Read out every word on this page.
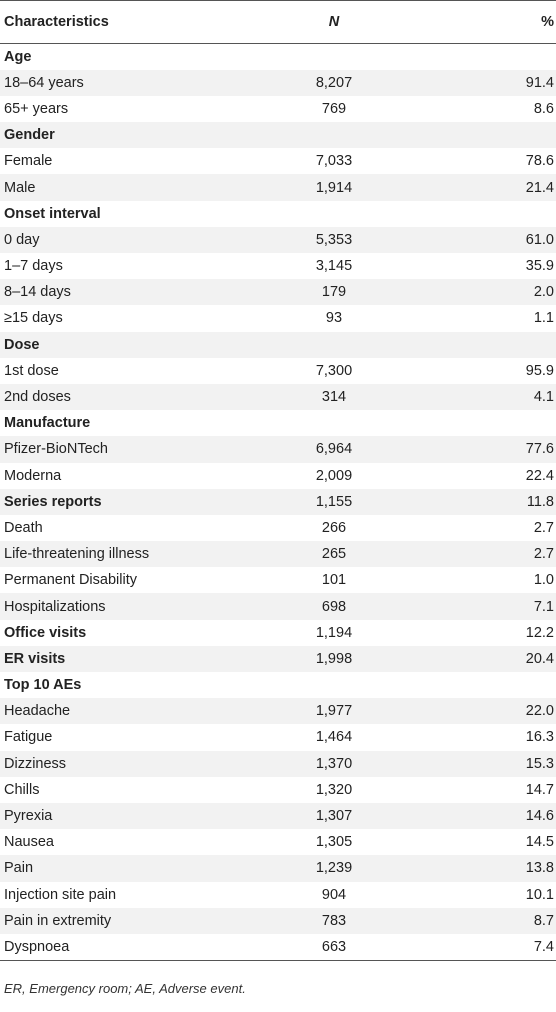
Characteristics	N	%
Age		
18–64 years	8,207	91.4
65+ years	769	8.6
Gender		
Female	7,033	78.6
Male	1,914	21.4
Onset interval		
0 day	5,353	61.0
1–7 days	3,145	35.9
8–14 days	179	2.0
≥15 days	93	1.1
Dose		
1st dose	7,300	95.9
2nd doses	314	4.1
Manufacture		
Pfizer-BioNTech	6,964	77.6
Moderna	2,009	22.4
Series reports	1,155	11.8
Death	266	2.7
Life-threatening illness	265	2.7
Permanent Disability	101	1.0
Hospitalizations	698	7.1
Office visits	1,194	12.2
ER visits	1,998	20.4
Top 10 AEs		
Headache	1,977	22.0
Fatigue	1,464	16.3
Dizziness	1,370	15.3
Chills	1,320	14.7
Pyrexia	1,307	14.6
Nausea	1,305	14.5
Pain	1,239	13.8
Injection site pain	904	10.1
Pain in extremity	783	8.7
Dyspnoea	663	7.4
ER, Emergency room; AE, Adverse event.
